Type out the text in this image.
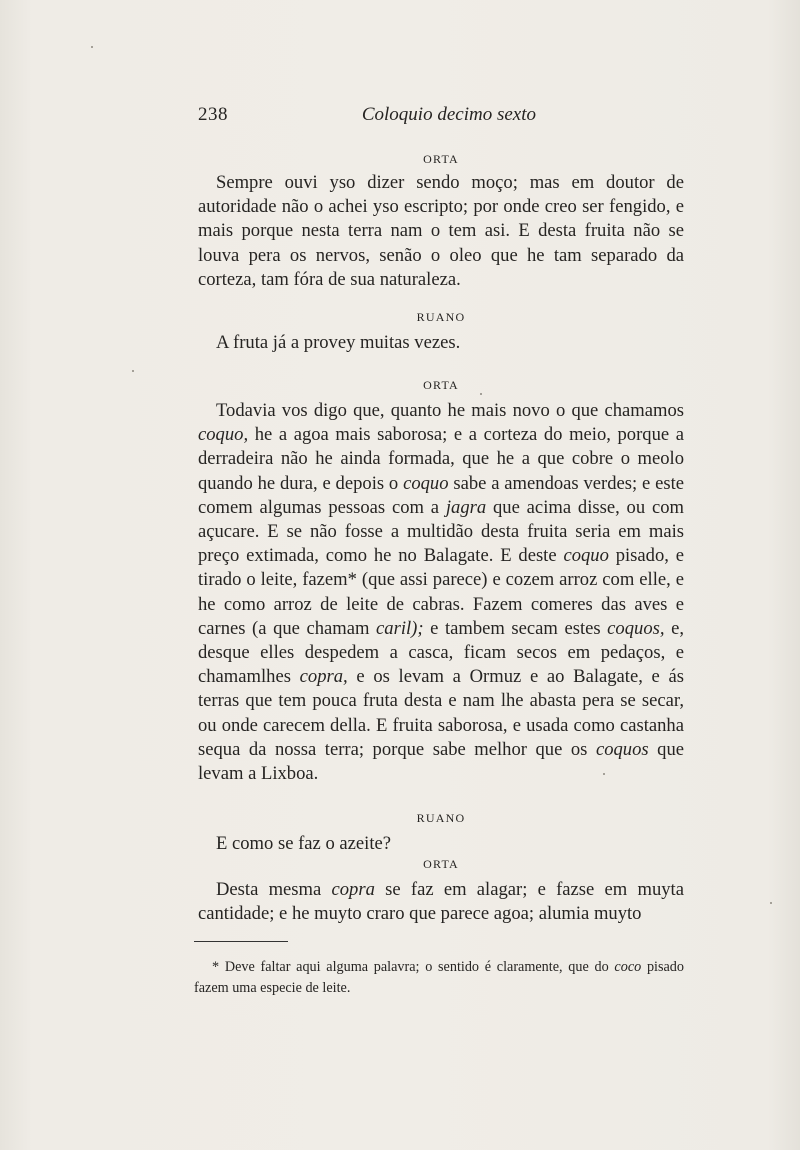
238	Coloquio decimo sexto
ORTA

Sempre ouvi yso dizer sendo moço; mas em doutor de autoridade não o achei yso escripto; por onde creo ser fengido, e mais porque nesta terra nam o tem asi. E desta fruita não se louva pera os nervos, senão o oleo que he tam separado da corteza, tam fóra de sua naturaleza.

RUANO

A fruta já a provey muitas vezes.

ORTA

Todavia vos digo que, quanto he mais novo o que chamamos coquo, he a agoa mais saborosa; e a corteza do meio, porque a derradeira não he ainda formada, que he a que cobre o meolo quando he dura, e depois o coquo sabe a amendoas verdes; e este comem algumas pessoas com a jagra que acima disse, ou com açucare. E se não fosse a multidão desta fruita seria em mais preço extimada, como he no Balagate. E deste coquo pisado, e tirado o leite, fazem* (que assi parece) e cozem arroz com elle, e he como arroz de leite de cabras. Fazem comeres das aves e carnes (a que chamam caril); e tambem secam estes coquos, e, desque elles despedem a casca, ficam secos em pedaços, e chamamlhes copra, e os levam a Ormuz e ao Balagate, e ás terras que tem pouca fruta desta e nam lhe abasta pera se secar, ou onde carecem della. E fruita saborosa, e usada como castanha sequa da nossa terra; porque sabe melhor que os coquos que levam a Lixboa.

RUANO

E como se faz o azeite?

ORTA

Desta mesma copra se faz em alagar; e fazse em muyta cantidade; e he muyto craro que parece agoa; alumia muyto

* Deve faltar aqui alguma palavra; o sentido é claramente, que do coco pisado fazem uma especie de leite.
